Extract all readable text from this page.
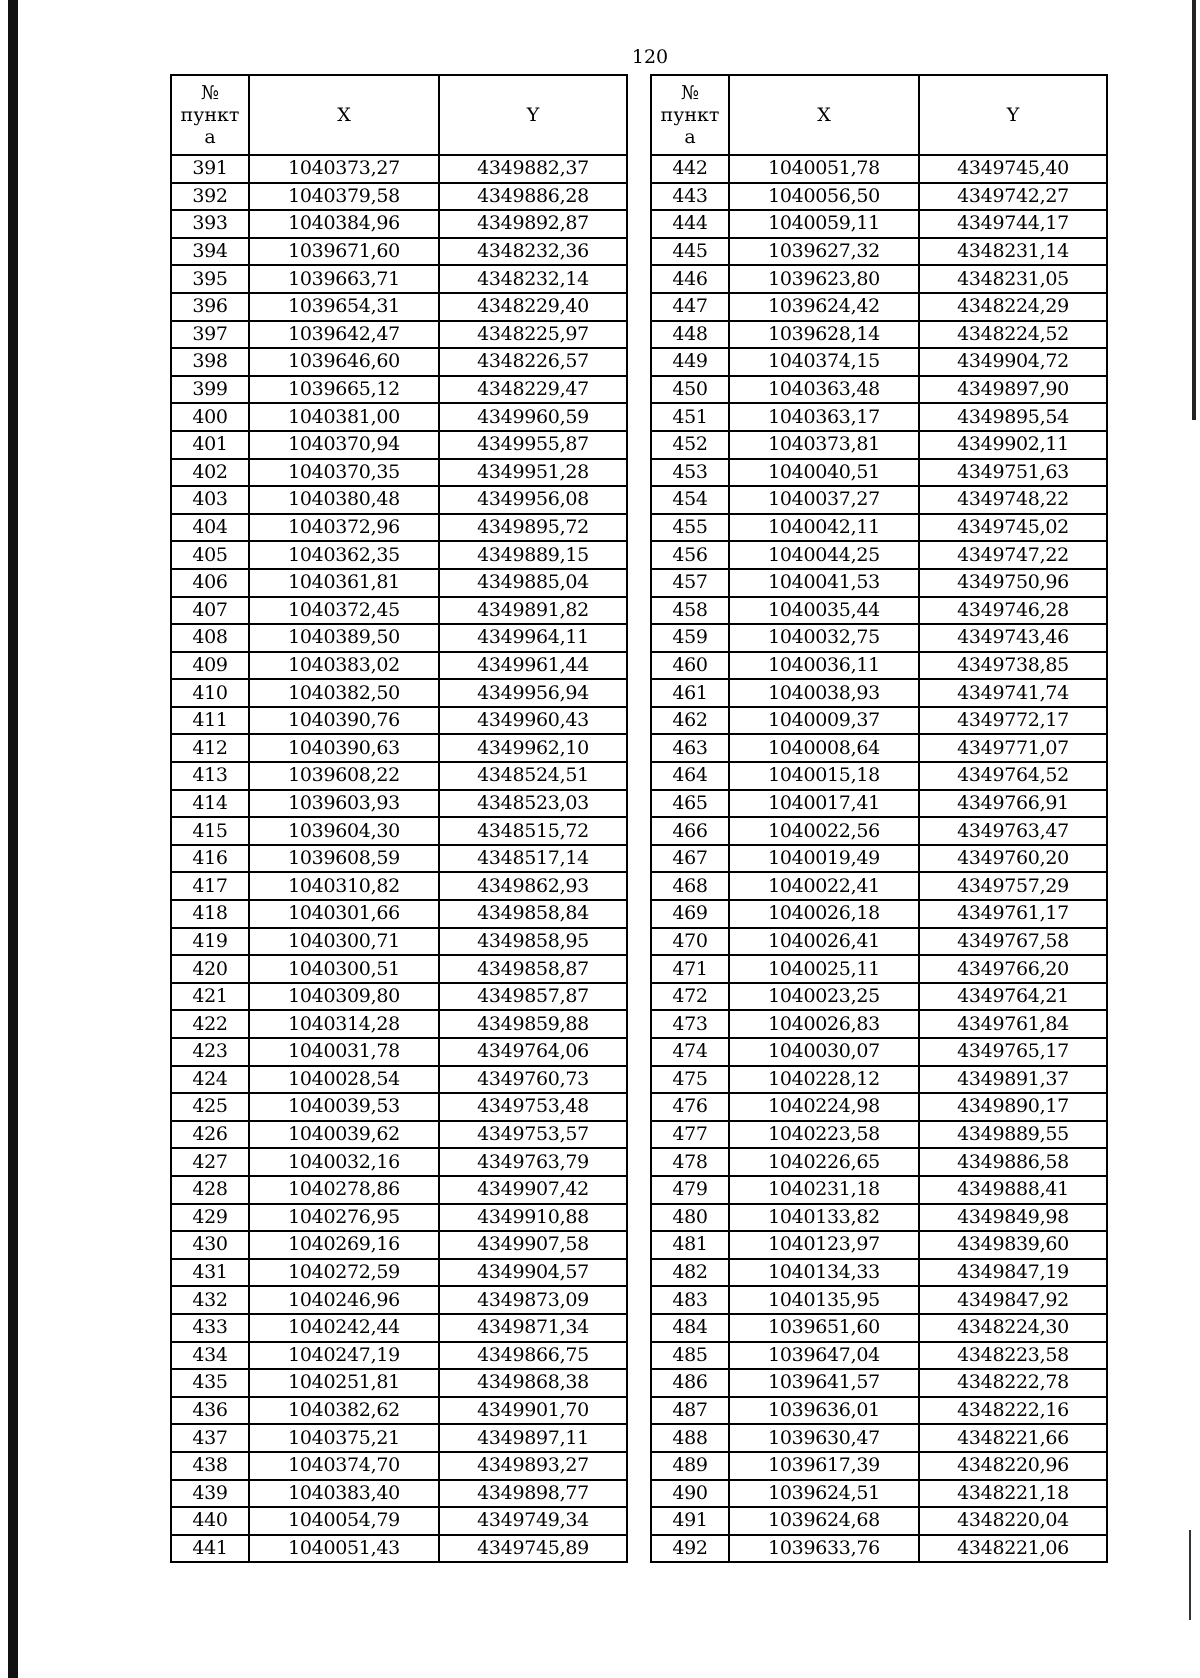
120
№
пункт
а	X	Y
391	1040373,27	4349882,37
392	1040379,58	4349886,28
393	1040384,96	4349892,87
394	1039671,60	4348232,36
395	1039663,71	4348232,14
396	1039654,31	4348229,40
397	1039642,47	4348225,97
398	1039646,60	4348226,57
399	1039665,12	4348229,47
400	1040381,00	4349960,59
401	1040370,94	4349955,87
402	1040370,35	4349951,28
403	1040380,48	4349956,08
404	1040372,96	4349895,72
405	1040362,35	4349889,15
406	1040361,81	4349885,04
407	1040372,45	4349891,82
408	1040389,50	4349964,11
409	1040383,02	4349961,44
410	1040382,50	4349956,94
411	1040390,76	4349960,43
412	1040390,63	4349962,10
413	1039608,22	4348524,51
414	1039603,93	4348523,03
415	1039604,30	4348515,72
416	1039608,59	4348517,14
417	1040310,82	4349862,93
418	1040301,66	4349858,84
419	1040300,71	4349858,95
420	1040300,51	4349858,87
421	1040309,80	4349857,87
422	1040314,28	4349859,88
423	1040031,78	4349764,06
424	1040028,54	4349760,73
425	1040039,53	4349753,48
426	1040039,62	4349753,57
427	1040032,16	4349763,79
428	1040278,86	4349907,42
429	1040276,95	4349910,88
430	1040269,16	4349907,58
431	1040272,59	4349904,57
432	1040246,96	4349873,09
433	1040242,44	4349871,34
434	1040247,19	4349866,75
435	1040251,81	4349868,38
436	1040382,62	4349901,70
437	1040375,21	4349897,11
438	1040374,70	4349893,27
439	1040383,40	4349898,77
440	1040054,79	4349749,34
441	1040051,43	4349745,89
№
пункт
а	X	Y
442	1040051,78	4349745,40
443	1040056,50	4349742,27
444	1040059,11	4349744,17
445	1039627,32	4348231,14
446	1039623,80	4348231,05
447	1039624,42	4348224,29
448	1039628,14	4348224,52
449	1040374,15	4349904,72
450	1040363,48	4349897,90
451	1040363,17	4349895,54
452	1040373,81	4349902,11
453	1040040,51	4349751,63
454	1040037,27	4349748,22
455	1040042,11	4349745,02
456	1040044,25	4349747,22
457	1040041,53	4349750,96
458	1040035,44	4349746,28
459	1040032,75	4349743,46
460	1040036,11	4349738,85
461	1040038,93	4349741,74
462	1040009,37	4349772,17
463	1040008,64	4349771,07
464	1040015,18	4349764,52
465	1040017,41	4349766,91
466	1040022,56	4349763,47
467	1040019,49	4349760,20
468	1040022,41	4349757,29
469	1040026,18	4349761,17
470	1040026,41	4349767,58
471	1040025,11	4349766,20
472	1040023,25	4349764,21
473	1040026,83	4349761,84
474	1040030,07	4349765,17
475	1040228,12	4349891,37
476	1040224,98	4349890,17
477	1040223,58	4349889,55
478	1040226,65	4349886,58
479	1040231,18	4349888,41
480	1040133,82	4349849,98
481	1040123,97	4349839,60
482	1040134,33	4349847,19
483	1040135,95	4349847,92
484	1039651,60	4348224,30
485	1039647,04	4348223,58
486	1039641,57	4348222,78
487	1039636,01	4348222,16
488	1039630,47	4348221,66
489	1039617,39	4348220,96
490	1039624,51	4348221,18
491	1039624,68	4348220,04
492	1039633,76	4348221,06
